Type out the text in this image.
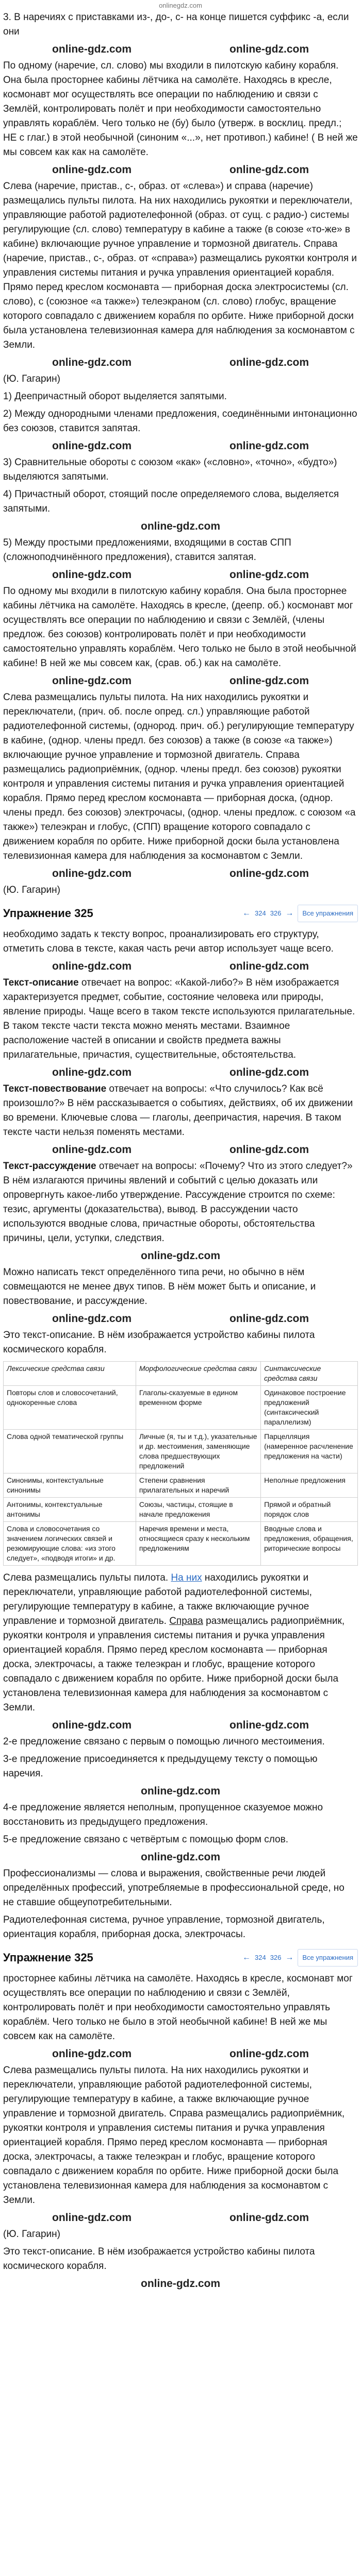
onlinegdz.com

3. В наречиях с приставками из-, до-, с- на конце пишется суффикс -а, если они

online-gdz.com	online-gdz.com

По одному (наречие, сл. слово) мы входили в пилотскую кабину корабля. Она была просторнее кабины лётчика на самолёте. Находясь в кресле, космонавт мог осуществлять все операции по наблюдению и связи с Землёй, контролировать полёт и при необходимости самостоятельно управлять кораблём. Чего только не (бу) было (утверж. в восклиц. предл.; НЕ с глаг.) в этой необычной (синоним «...», нет противоп.) кабине! ( В ней же мы совсем как как на самолёте.

online-gdz.com	online-gdz.com

Слева (наречие, пристав., с-, образ. от «слева») и справа (наречие) размещались пульты пилота. На них находились рукоятки и переключатели, управляющие работой радиотелефонной (образ. от сущ. с радио-) системы регулирующие (сл. слово) температуру в кабине а также (в союзе «то-же» в кабине) включающие ручное управление и тормозной двигатель. Справа (наречие, пристав., с-, образ. от «справа») размещались рукоятки контроля и управления системы питания и ручка управления ориентацией корабля. Прямо перед креслом космонавта — приборная доска электросистемы (сл. слово), с (союзное «а также») телеэкраном (сл. слово) глобус, вращение которого совпадало с движением корабля по орбите. Ниже приборной доски была установлена телевизионная камера для наблюдения за космонавтом с Земли.

online-gdz.com	online-gdz.com

(Ю. Гагарин)

1) Деепричастный оборот выделяется запятыми.

2) Между однородными членами предложения, соединёнными интонационно без союзов, ставится запятая.

online-gdz.com	online-gdz.com

3) Сравнительные обороты с союзом «как» («словно», «точно», «будто») выделяются запятыми.

4) Причастный оборот, стоящий после определяемого слова, выделяется запятыми.

online-gdz.com

5) Между простыми предложениями, входящими в состав СПП (сложноподчинённого предложения), ставится запятая.

online-gdz.com	online-gdz.com

По одному мы входили в пилотскую кабину корабля. Она была просторнее кабины лётчика на самолёте. Находясь в кресле, (деепр. об.) космонавт мог осуществлять все операции по наблюдению и связи с Землёй, (члены предлож. без союзов) контролировать полёт и при необходимости самостоятельно управлять кораблём. Чего только не было в этой необычной кабине! В ней же мы совсем как, (срав. об.) как на самолёте.

online-gdz.com	online-gdz.com

Слева размещались пульты пилота. На них находились рукоятки и переключатели, (прич. об. после опред. сл.) управляющие работой радиотелефонной системы, (однород. прич. об.) регулирующие температуру в кабине, (однор. члены предл. без союзов) а также (в союзе «а также») включающие ручное управление и тормозной двигатель. Справа размещались радиоприёмник, (однор. члены предл. без союзов) рукоятки контроля и управления системы питания и ручка управления ориентацией корабля. Прямо перед креслом космонавта — приборная доска, (однор. члены предл. без союзов) электрочасы, (однор. члены предлож. с союзом «а также») телеэкран и глобус, (СПП) вращение которого совпадало с движением корабля по орбите. Ниже приборной доски была установлена телевизионная камера для наблюдения за космонавтом с Земли.

online-gdz.com	online-gdz.com

(Ю. Гагарин)

Упражнение 325	← 324 326 →	Все упражнения

необходимо задать к тексту вопрос, проанализировать его структуру, отметить слова в тексте, какая часть речи автор использует чаще всего.

online-gdz.com	online-gdz.com

Текст-описание отвечает на вопрос: «Какой-либо?» В нём изображается характеризуется предмет, событие, состояние человека или природы, явление природы. Чаще всего в таком тексте используются прилагательные. В таком тексте части текста можно менять местами. Взаимное расположение частей в описании и свойств предмета важны прилагательные, причастия, существительные, обстоятельства.

online-gdz.com	online-gdz.com

Текст-повествование отвечает на вопросы: «Что случилось? Как всё произошло?» В нём рассказывается о событиях, действиях, об их движении во времени. Ключевые слова — глаголы, деепричастия, наречия. В таком тексте части нельзя поменять местами.

online-gdz.com	online-gdz.com

Текст-рассуждение отвечает на вопросы: «Почему? Что из этого следует?» В нём излагаются причины явлений и событий с целью доказать или опровергнуть какое-либо утверждение. Рассуждение строится по схеме: тезис, аргументы (доказательства), вывод. В рассуждении часто используются вводные слова, причастные обороты, обстоятельства причины, цели, уступки, следствия.

online-gdz.com

Можно написать текст определённого типа речи, но обычно в нём совмещаются не менее двух типов. В нём может быть и описание, и повествование, и рассуждение.

online-gdz.com	online-gdz.com

Это текст-описание. В нём изображается устройство кабины пилота космического корабля.

Лексические средства связи	Морфологические средства связи	Синтаксические средства связи
Повторы слов и словосочетаний, однокоренные слова	Глаголы-сказуемые в едином временном форме	Одинаковое построение предложений (синтаксический параллелизм)
Слова одной тематической группы	Личные (я, ты и т.д.), указательные и др. местоимения, заменяющие слова предшествующих предложений	Парцелляция (намеренное расчленение предложения на части)
Синонимы, контекстуальные синонимы	Степени сравнения прилагательных и наречий	Неполные предложения
Антонимы, контекстуальные антонимы	Союзы, частицы, стоящие в начале предложения	Прямой и обратный порядок слов
Слова и словосочетания со значением логических связей и резюмирующие слова: «из этого следует», «подводя итоги» и др.	Наречия времени и места, относящиеся сразу к нескольким предложениям	Вводные слова и предложения, обращения, риторические вопросы

Слева размещались пульты пилота. На них находились рукоятки и переключатели, управляющие работой радиотелефонной системы, регулирующие температуру в кабине, а также включающие ручное управление и тормозной двигатель. Справа размещались радиоприёмник, рукоятки контроля и управления системы питания и ручка управления ориентацией корабля. Прямо перед креслом космонавта — приборная доска, электрочасы, а также телеэкран и глобус, вращение которого совпадало с движением корабля по орбите. Ниже приборной доски была установлена телевизионная камера для наблюдения за космонавтом с Земли.

online-gdz.com	online-gdz.com

2-е предложение связано с первым о помощью личного местоимения.

3-е предложение присоединяется к предыдущему тексту о помощью наречия.

online-gdz.com

4-е предложение является неполным, пропущенное сказуемое можно восстановить из предыдущего предложения.

5-е предложение связано с четвёртым с помощью форм слов.

online-gdz.com

Профессионализмы — слова и выражения, свойственные речи людей определённых профессий, употребляемые в профессиональной среде, но не ставшие общеупотребительными.

Радиотелефонная система, ручное управление, тормозной двигатель, ориентация корабля, приборная доска, электрочасы.

Упражнение 325	← 324 326 →	Все упражнения

просторнее кабины лётчика на самолёте. Находясь в кресле, космонавт мог осуществлять все операции по наблюдению и связи с Землёй, контролировать полёт и при необходимости самостоятельно управлять кораблём. Чего только не было в этой необычной кабине! В ней же мы совсем как на самолёте.

online-gdz.com	online-gdz.com

Слева размещались пульты пилота. На них находились рукоятки и переключатели, управляющие работой радиотелефонной системы, регулирующие температуру в кабине, а также включающие ручное управление и тормозной двигатель. Справа размещались радиоприёмник, рукоятки контроля и управления системы питания и ручка управления ориентацией корабля. Прямо перед креслом космонавта — приборная доска, электрочасы, а также телеэкран и глобус, вращение которого совпадало с движением корабля по орбите. Ниже приборной доски была установлена телевизионная камера для наблюдения за космонавтом с Земли.

online-gdz.com	online-gdz.com

(Ю. Гагарин)

Это текст-описание. В нём изображается устройство кабины пилота космического корабля.

online-gdz.com
